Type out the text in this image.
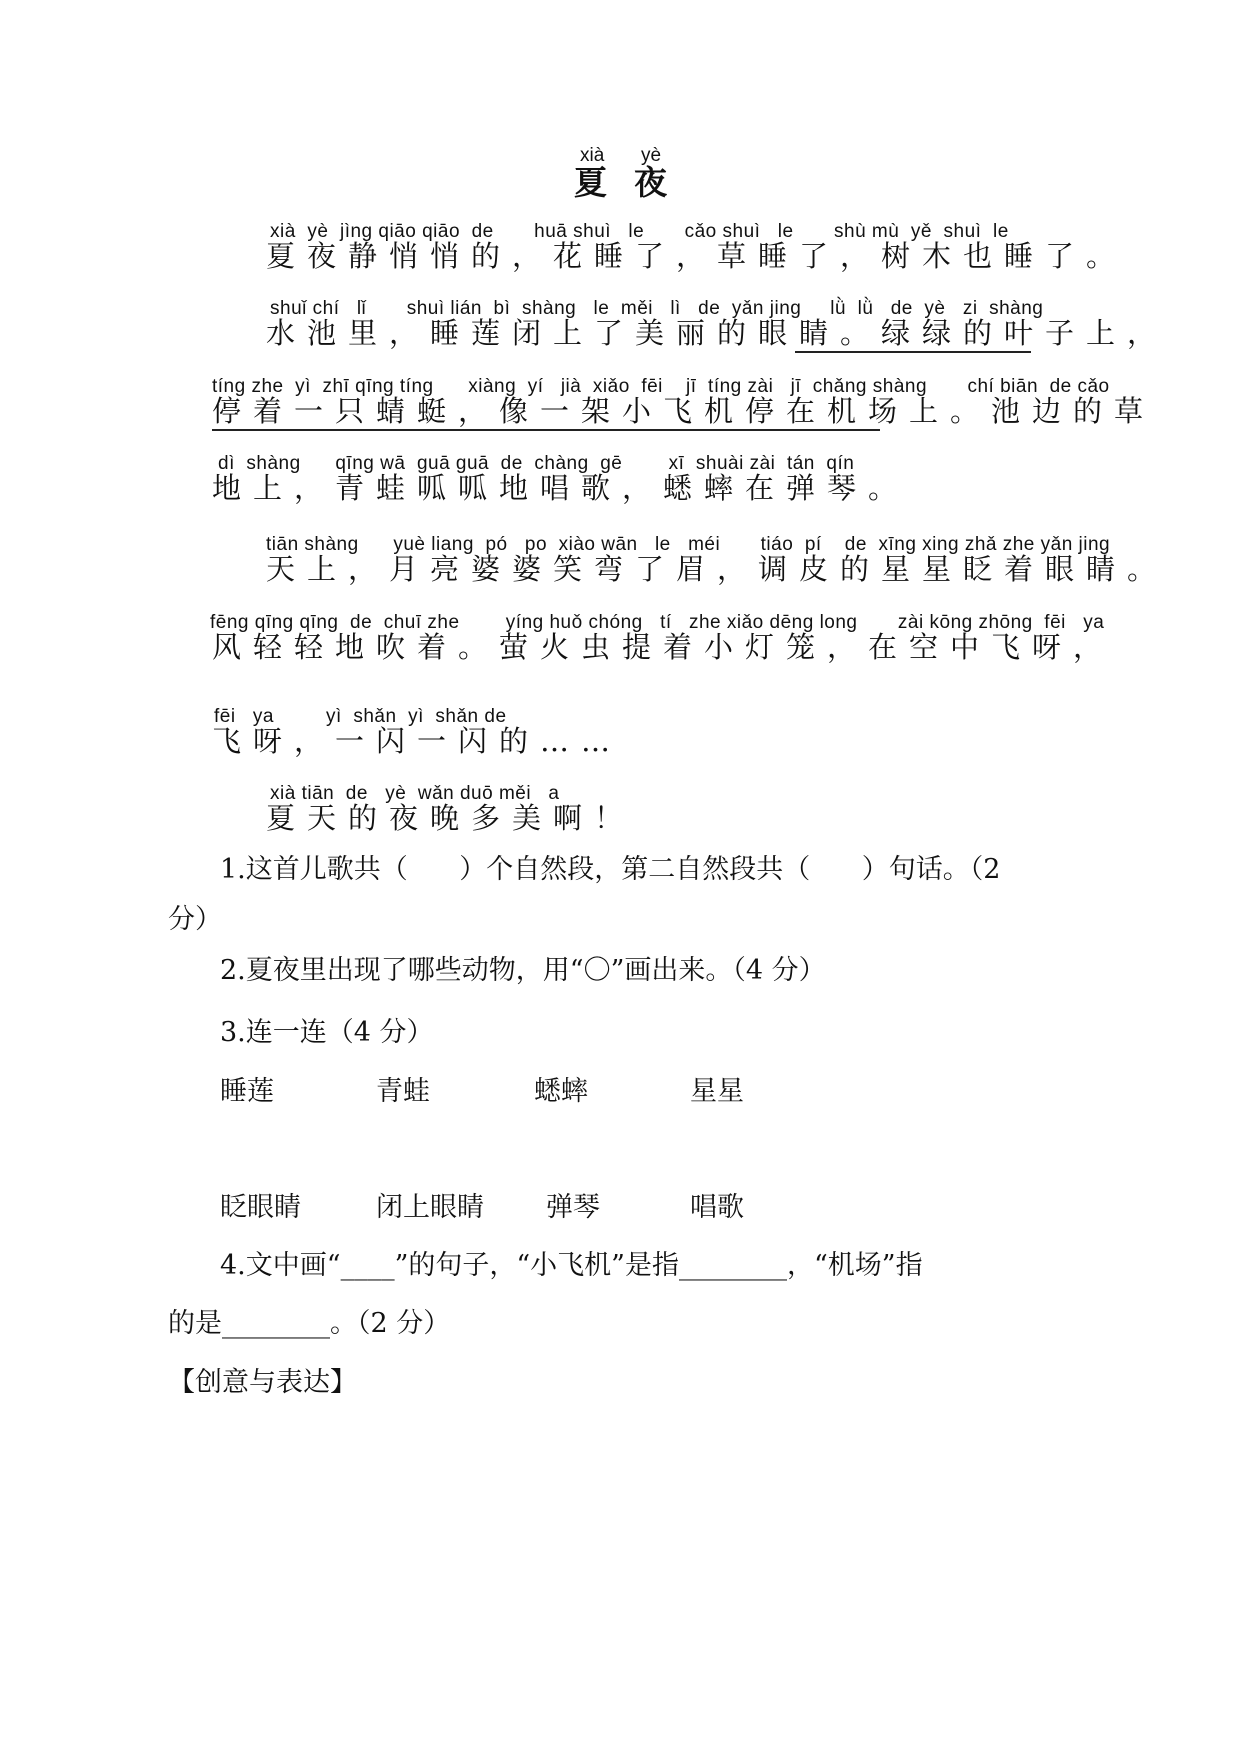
xià yè
夏 夜
xià  yè  jìng qiāo qiāo  de       huā shuì   le       cǎo shuì   le       shù mù  yě  shuì  le
夏夜静悄悄的，花睡了，草睡了，树木也睡了。
shuǐ chí   lǐ       shuì lián  bì  shàng   le  měi   lì   de  yǎn jing     lǜ  lǜ   de  yè   zi  shàng
水池里，睡莲闭上了美丽的眼睛。绿绿的叶子上，
tíng zhe  yì  zhī qīng tíng      xiàng  yí   jià  xiǎo  fēi    jī  tíng zài   jī  chǎng shàng       chí biān  de cǎo
停着一只蜻蜓，像一架小飞机停在机场上。池边的草
dì  shàng      qīng wā  guā guā  de  chàng  gē        xī  shuài zài  tán  qín
地上，青蛙呱呱地唱歌，蟋蟀在弹琴。
tiān shàng      yuè liang  pó   po  xiào wān   le   méi       tiáo  pí    de  xīng xing zhǎ zhe yǎn jing
天上，月亮婆婆笑弯了眉，调皮的星星眨着眼睛。
fēng qīng qīng  de  chuī zhe        yíng huǒ chóng   tí   zhe xiǎo dēng long       zài kōng zhōng  fēi   ya
风轻轻地吹着。萤火虫提着小灯笼，在空中飞呀，
fēi   ya         yì  shǎn  yì  shǎn de
飞呀，一闪一闪的……
xià tiān  de   yè  wǎn duō měi   a
夏天的夜晚多美啊！
1.这首儿歌共（      ）个自然段，第二自然段共（      ）句话。（2
分）
2.夏夜里出现了哪些动物，用“〇”画出来。（4 分）
3.连一连（4 分）
睡莲	青蛙	蟋蟀	星星
眨眼睛	闭上眼睛 弹琴	唱歌
4.文中画“____”的句子，“小飞机”是指________，“机场”指
的是________。（2 分）
【创意与表达】
